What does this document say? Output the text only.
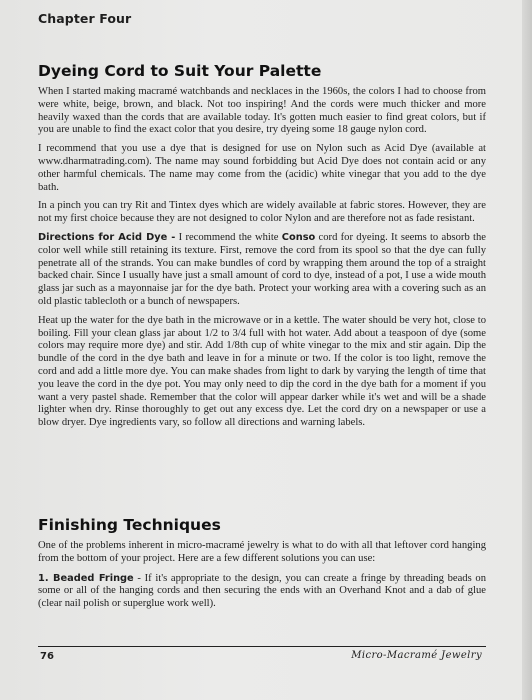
Chapter Four
Dyeing Cord to Suit Your Palette

When I started making macramé watchbands and necklaces in the 1960s, the colors I had to choose from were white, beige, brown, and black. Not too inspiring! And the cords were much thicker and more heavily waxed than the cords that are available today. It's gotten much easier to find great colors, but if you are unable to find the exact color that you desire, try dyeing some 18 gauge nylon cord.

I recommend that you use a dye that is designed for use on Nylon such as Acid Dye (available at www.dharmatrading.com). The name may sound forbidding but Acid Dye does not contain acid or any other harmful chemicals. The name may come from the (acidic) white vinegar that you add to the dye bath.

In a pinch you can try Rit and Tintex dyes which are widely available at fabric stores. However, they are not my first choice because they are not designed to color Nylon and are therefore not as fade resistant.

Directions for Acid Dye - I recommend the white Conso cord for dyeing. It seems to absorb the color well while still retaining its texture. First, remove the cord from its spool so that the dye can fully penetrate all of the strands. You can make bundles of cord by wrapping them around the top of a straight backed chair. Since I usually have just a small amount of cord to dye, instead of a pot, I use a wide mouth glass jar such as a mayonnaise jar for the dye bath. Protect your working area with a covering such as an old plastic tablecloth or a bunch of newspapers.

Heat up the water for the dye bath in the microwave or in a kettle. The water should be very hot, close to boiling. Fill your clean glass jar about 1/2 to 3/4 full with hot water. Add about a teaspoon of dye (some colors may require more dye) and stir. Add 1/8th cup of white vinegar to the mix and stir again. Dip the bundle of the cord in the dye bath and leave in for a minute or two. If the color is too light, remove the cord and add a little more dye. You can make shades from light to dark by varying the length of time that you leave the cord in the dye pot. You may only need to dip the cord in the dye bath for a moment if you want a very pastel shade. Remember that the color will appear darker while it's wet and will be a shade lighter when dry. Rinse thoroughly to get out any excess dye. Let the cord dry on a newspaper or use a blow dryer. Dye ingredients vary, so follow all directions and warning labels.

Finishing Techniques

One of the problems inherent in micro-macramé jewelry is what to do with all that leftover cord hanging from the bottom of your project. Here are a few different solutions you can use:

1. Beaded Fringe - If it's appropriate to the design, you can create a fringe by threading beads on some or all of the hanging cords and then securing the ends with an Overhand Knot and a dab of glue (clear nail polish or superglue work well).

76	Micro-Macramé Jewelry
